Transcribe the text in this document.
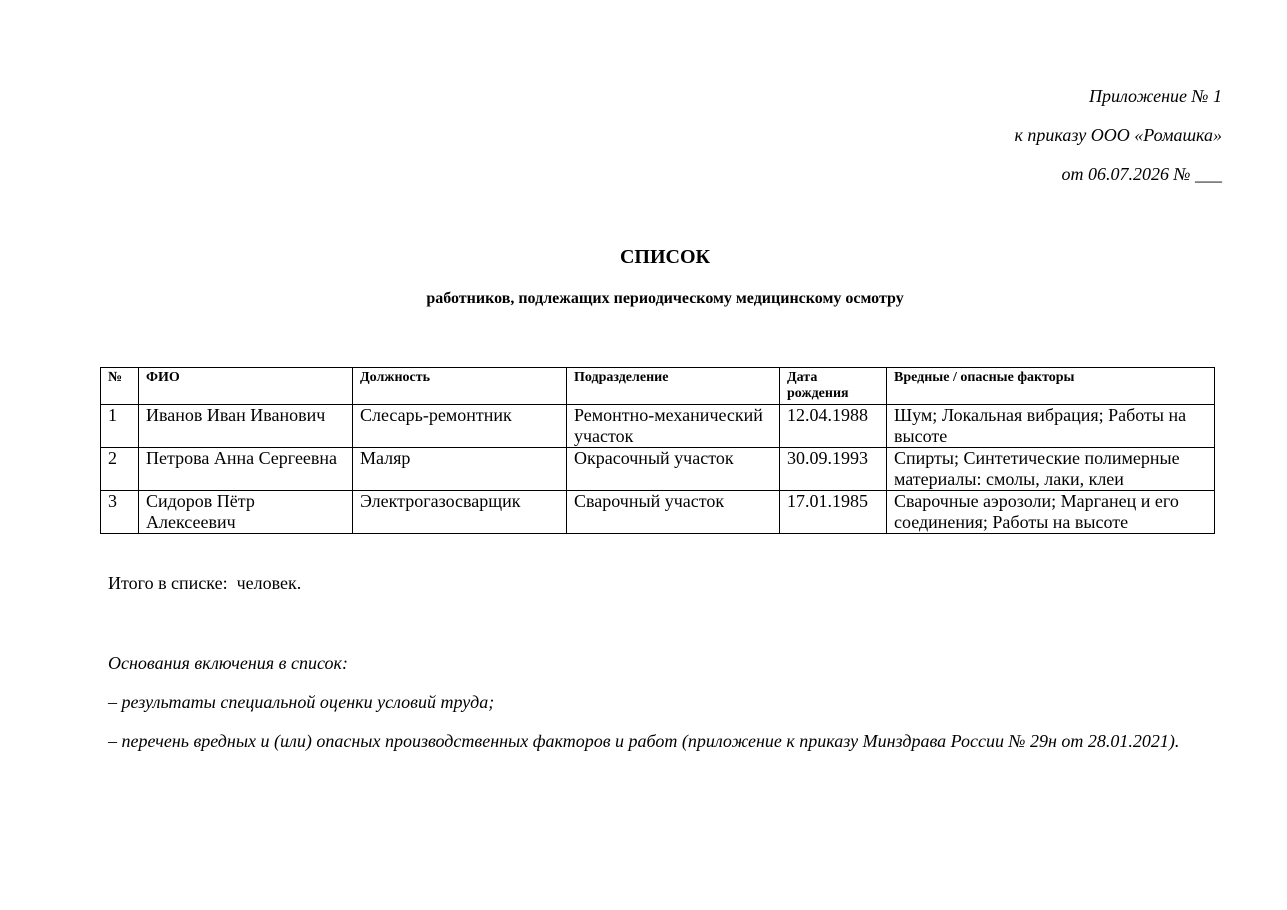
Приложение № 1
к приказу ООО «Ромашка»
от 06.07.2026 № ___
СПИСОК
работников, подлежащих периодическому медицинскому осмотру
№	ФИО	Должность	Подразделение	Дата рождения	Вредные / опасные факторы
1	Иванов Иван Иванович	Слесарь-ремонтник	Ремонтно-механический участок	12.04.1988	Шум; Локальная вибрация; Работы на высоте
2	Петрова Анна Сергеевна	Маляр	Окрасочный участок	30.09.1993	Спирты; Синтетические полимерные материалы: смолы, лаки, клеи
3	Сидоров Пётр Алексеевич	Электрогазосварщик	Сварочный участок	17.01.1985	Сварочные аэрозоли; Марганец и его соединения; Работы на высоте
Итого в списке:  человек.
Основания включения в список:
– результаты специальной оценки условий труда;
– перечень вредных и (или) опасных производственных факторов и работ (приложение к приказу Минздрава России № 29н от 28.01.2021).
